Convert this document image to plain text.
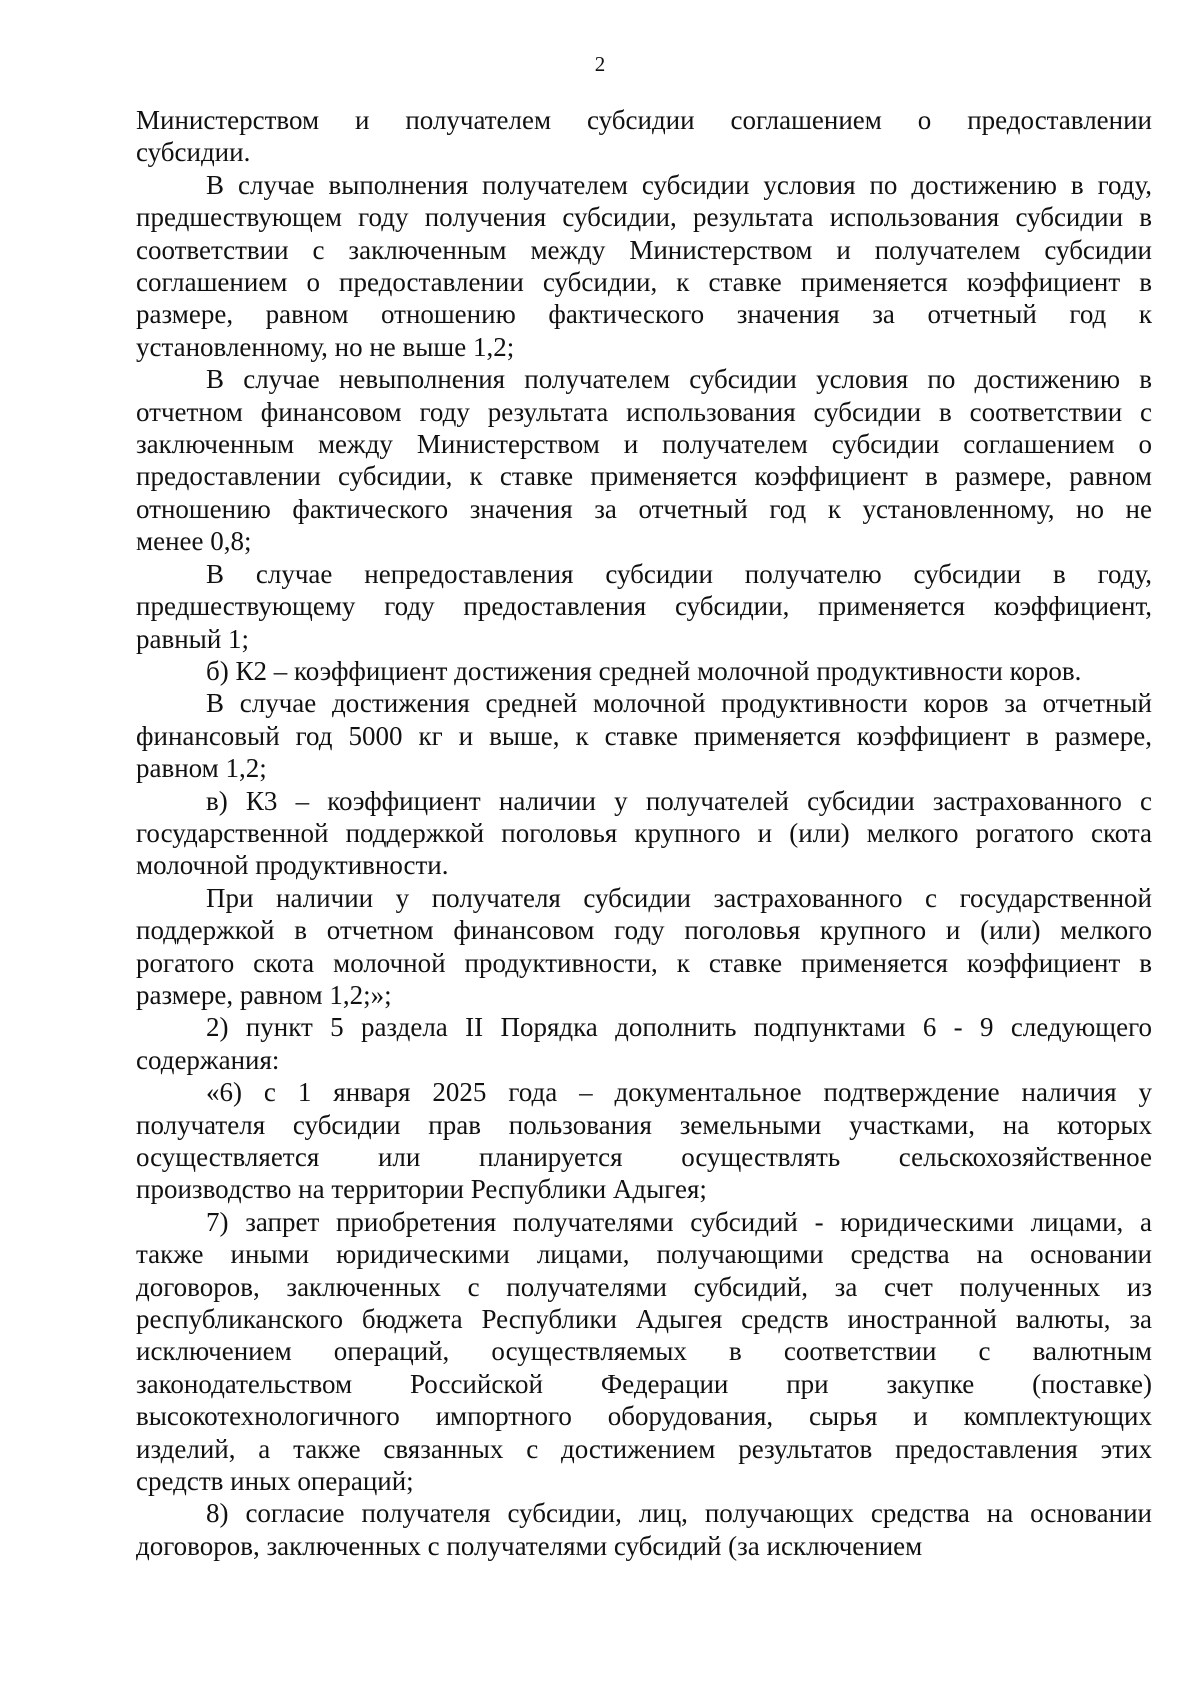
2
Министерством и получателем субсидии соглашением о предоставлении
субсидии.
В случае выполнения получателем субсидии условия по достижению в году,
предшествующем году получения субсидии, результата использования субсидии в
соответствии с заключенным между Министерством и получателем субсидии
соглашением о предоставлении субсидии, к ставке применяется коэффициент в
размере, равном отношению фактического значения за отчетный год к
установленному, но не выше 1,2;
В случае невыполнения получателем субсидии условия по достижению в
отчетном финансовом году результата использования субсидии в соответствии с
заключенным между Министерством и получателем субсидии соглашением о
предоставлении субсидии, к ставке применяется коэффициент в размере, равном
отношению фактического значения за отчетный год к установленному, но не
менее 0,8;
В случае непредоставления субсидии получателю субсидии в году,
предшествующему году предоставления субсидии, применяется коэффициент,
равный 1;
б) К2 – коэффициент достижения средней молочной продуктивности коров.
В случае достижения средней молочной продуктивности коров за отчетный
финансовый год 5000 кг и выше, к ставке применяется коэффициент в размере,
равном 1,2;
в) К3 – коэффициент наличии у получателей субсидии застрахованного с
государственной поддержкой поголовья крупного и (или) мелкого рогатого скота
молочной продуктивности.
При наличии у получателя субсидии застрахованного с государственной
поддержкой в отчетном финансовом году поголовья крупного и (или) мелкого
рогатого скота молочной продуктивности, к ставке применяется коэффициент в
размере, равном 1,2;»;
2) пункт 5 раздела II Порядка дополнить подпунктами 6 - 9 следующего
содержания:
«6) с 1 января 2025 года – документальное подтверждение наличия у
получателя субсидии прав пользования земельными участками, на которых
осуществляется или планируется осуществлять сельскохозяйственное
производство на территории Республики Адыгея;
7) запрет приобретения получателями субсидий - юридическими лицами, а
также иными юридическими лицами, получающими средства на основании
договоров, заключенных с получателями субсидий, за счет полученных из
республиканского бюджета Республики Адыгея средств иностранной валюты, за
исключением операций, осуществляемых в соответствии с валютным
законодательством Российской Федерации при закупке (поставке)
высокотехнологичного импортного оборудования, сырья и комплектующих
изделий, а также связанных с достижением результатов предоставления этих
средств иных операций;
8) согласие получателя субсидии, лиц, получающих средства на основании
договоров, заключенных с получателями субсидий (за исключением
